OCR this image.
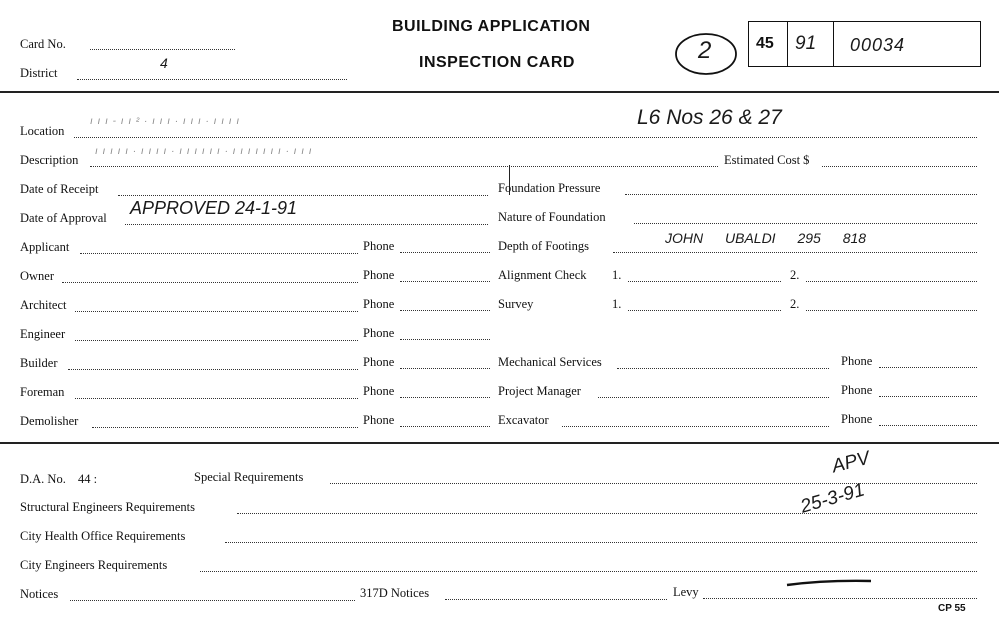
Card No.
District
4
BUILDING APPLICATION
INSPECTION CARD	2	45 91 00034
Location
ı ı ı - ı ı ² · ı ı ı · ı ı ı · ı ı ı ı	L6 Nos 26 & 27
Description
ı ı ı ı ı · ı ı ı ı · ı ı ı ı ı ı · ı ı ı ı ı ı ı · ı ı ı
Estimated Cost $
Date of Receipt	Foundation Pressure
Date of Approval APPROVED 24-1-91	Nature of Foundation
Applicant	Phone	Depth of Footings	JOHN UBALDI 295 818
Owner	Phone	Alignment Check 1.	2.
Architect	Phone	Survey	1.	2.
Engineer	Phone
Builder	Phone	Mechanical Services	Phone
Foreman	Phone	Project Manager	Phone
Demolisher	Phone	Excavator	Phone
D.A. No. 44 :	Special Requirements
Structural Engineers Requirements
City Health Office Requirements
City Engineers Requirements
Notices	317D Notices	Levy
APV
25-3-91
CP 55
